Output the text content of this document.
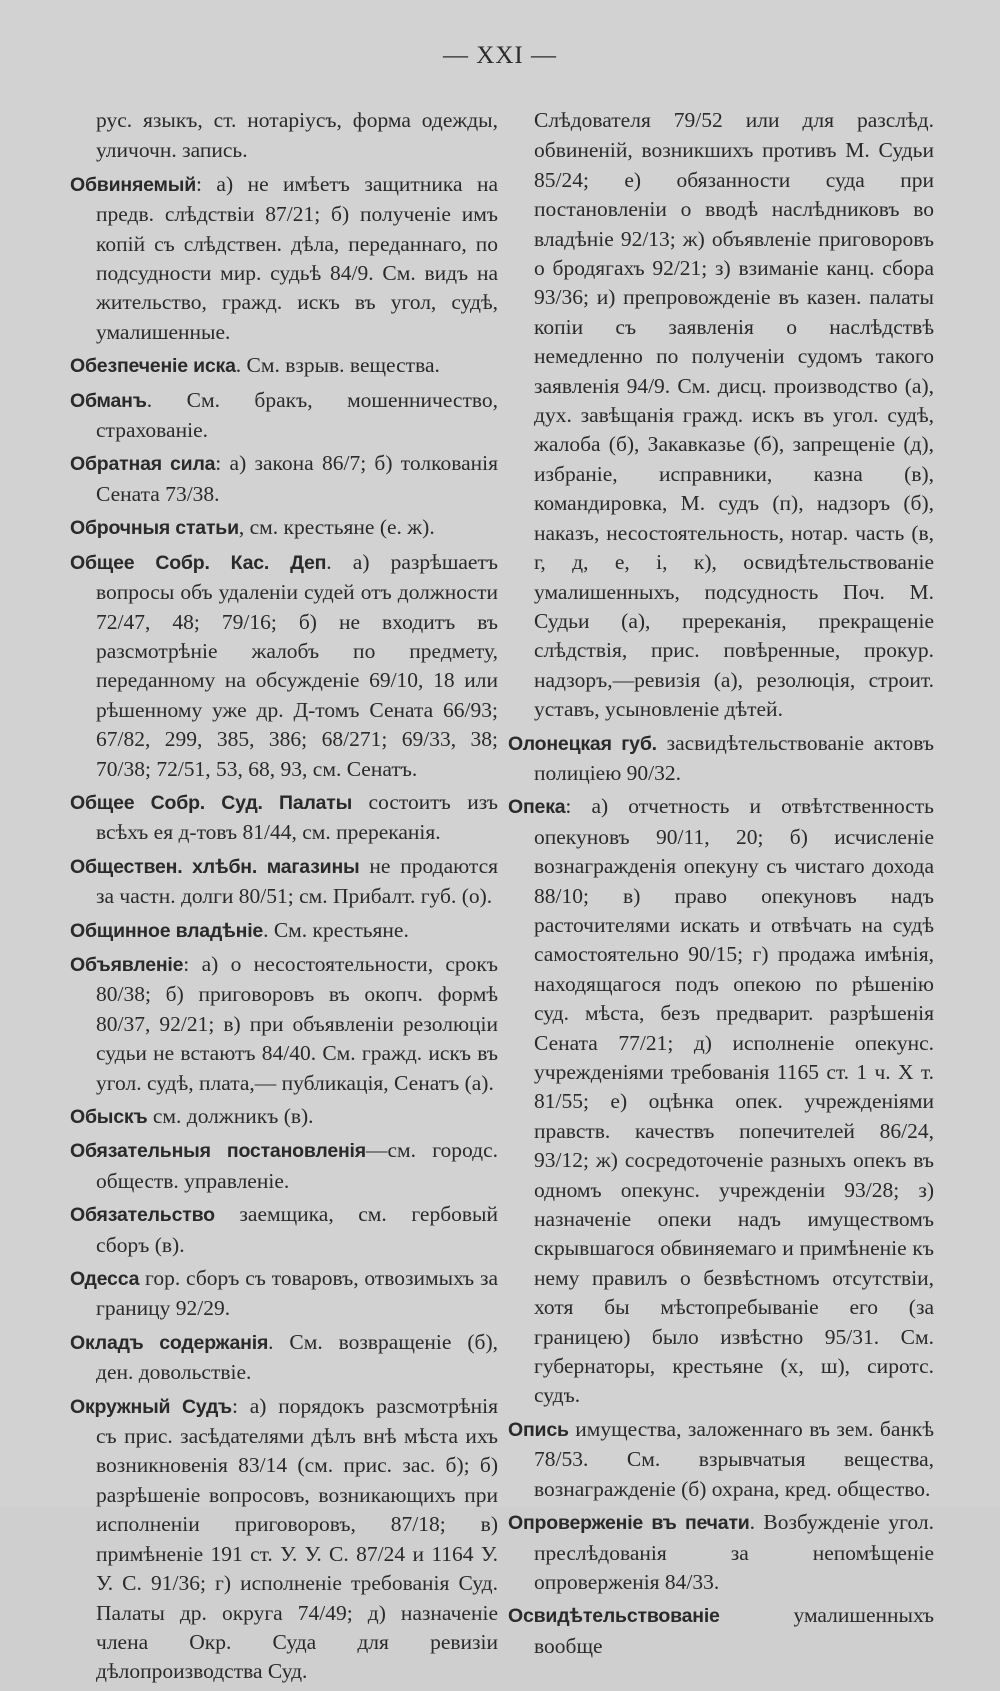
— XXI —

рус. языкъ, ст. нотаріусъ, форма одежды, уличочн. запись.

Обвиняемый: а) не имѣетъ защитника на предв. слѣдствіи 87/21; б) полученіе имъ копій съ слѣдствен. дѣла, переданнаго, по подсудности мир. судьѣ 84/9. См. видъ на жительство, гражд. искъ въ угол, судѣ, умалишенные.

Обезпеченіе иска. См. взрыв. вещества.

Обманъ. См. бракъ, мошенничество, страхованіе.

Обратная сила: а) закона 86/7; б) толкованія Сената 73/38.

Оброчныя статьи, см. крестьяне (е. ж).

Общее Собр. Кас. Деп. а) разрѣшаетъ вопросы объ удаленіи судей отъ должности 72/47, 48; 79/16; б) не входитъ въ разсмотрѣніе жалобъ по предмету, переданному на обсужденіе 69/10, 18 или рѣшенному уже др. Д-томъ Сената 66/93; 67/82, 299, 385, 386; 68/271; 69/33, 38; 70/38; 72/51, 53, 68, 93, см. Сенатъ.

Общее Собр. Суд. Палаты состоитъ изъ всѣхъ ея д-товъ 81/44, см. пререканія.

Обществен. хлѣбн. магазины не продаются за частн. долги 80/51; см. Прибалт. губ. (о).

Общинное владѣніе. См. крестьяне.

Объявленіе: а) о несостоятельности, срокъ 80/38; б) приговоровъ въ окопч. формѣ 80/37, 92/21; в) при объявленіи резолюціи судьи не встаютъ 84/40. См. гражд. искъ въ угол. судѣ, плата,— публикація, Сенатъ (а).

Обыскъ см. должникъ (в).

Обязательныя постановленія—см. городс. обществ. управленіе.

Обязательство заемщика, см. гербовый сборъ (в).

Одесса гор. сборъ съ товаровъ, отвозимыхъ за границу 92/29.

Окладъ содержанія. См. возвращеніе (б), ден. довольствіе.

Окружный Судъ: а) порядокъ разсмотрѣнія съ прис. засѣдателями дѣлъ внѣ мѣста ихъ возникновенія 83/14 (см. прис. зас. б); б) разрѣшеніе вопросовъ, возникающихъ при исполненіи приговоровъ, 87/18; в) примѣненіе 191 ст. У. У. С. 87/24 и 1164 У. У. С. 91/36; г) исполненіе требованія Суд. Палаты др. округа 74/49; д) назначеніе члена Окр. Суда для ревизіи дѣлопроизводства Суд.

Слѣдователя 79/52 или для разслѣд. обвиненій, возникшихъ противъ М. Судьи 85/24; е) обязанности суда при постановленіи о вводѣ наслѣдниковъ во владѣніе 92/13; ж) объявленіе приговоровъ о бродягахъ 92/21; з) взиманіе канц. сбора 93/36; и) препровожденіе въ казен. палаты копіи съ заявленія о наслѣдствѣ немедленно по полученіи судомъ такого заявленія 94/9. См. дисц. производство (а), дух. завѣщанія гражд. искъ въ угол. судѣ, жалоба (б), Закавказье (б), запрещеніе (д), избраніе, исправники, казна (в), командировка, М. судъ (п), надзоръ (б), наказъ, несостоятельность, нотар. часть (в, г, д, е, і, к), освидѣтельствованіе умалишенныхъ, подсудность Поч. М. Судьи (а), пререканія, прекращеніе слѣдствія, прис. повѣренные, прокур. надзоръ,—ревизія (а), резолюція, строит. уставъ, усыновленіе дѣтей.

Олонецкая губ. засвидѣтельствованіе актовъ полиціею 90/32.

Опека: а) отчетность и отвѣтственность опекуновъ 90/11, 20; б) исчисленіе вознагражденія опекуну съ чистаго дохода 88/10; в) право опекуновъ надъ расточителями искать и отвѣчать на судѣ самостоятельно 90/15; г) продажа имѣнія, находящагося подъ опекою по рѣшенію суд. мѣста, безъ предварит. разрѣшенія Сената 77/21; д) исполненіе опекунс. учрежденіями требованія 1165 ст. 1 ч. X т. 81/55; е) оцѣнка опек. учрежденіями правств. качествъ попечителей 86/24, 93/12; ж) сосредоточеніе разныхъ опекъ въ одномъ опекунс. учрежденіи 93/28; з) назначеніе опеки надъ имуществомъ скрывшагося обвиняемаго и примѣненіе къ нему правилъ о безвѣстномъ отсутствіи, хотя бы мѣстопребываніе его (за границею) было извѣстно 95/31. См. губернаторы, крестьяне (х, ш), сиротс. судъ.

Опись имущества, заложеннаго въ зем. банкѣ 78/53. См. взрывчатыя вещества, вознагражденіе (б) охрана, кред. общество.

Опроверженіе въ печати. Возбужденіе угол. преслѣдованія за непомѣщеніе опроверженія 84/33.

Освидѣтельствованіе умалишенныхъ вообще
